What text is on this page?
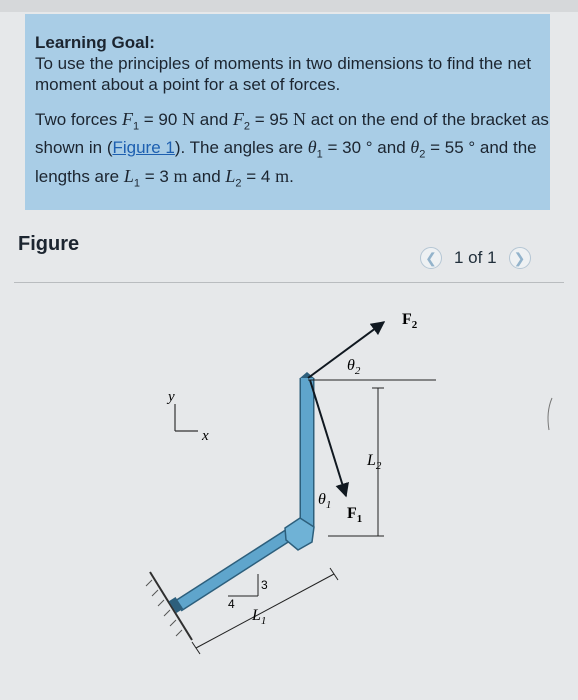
Learning Goal:

To use the principles of moments in two dimensions to find the net moment about a point for a set of forces.

Two forces $F_1 = 90$ N and $F_2 = 95$ N act on the end of the bracket as shown in (Figure 1). The angles are $\theta_1 = 30$ ° and $\theta_2 = 55$ ° and the lengths are $L_1 = 3$ m and $L_2 = 4$ m.

Figure
❮	1 of 1	❯
y
x
$F_2$
$F_1$
$\theta_2$
$\theta_1$
$L_2$
4
3
$L_1$
